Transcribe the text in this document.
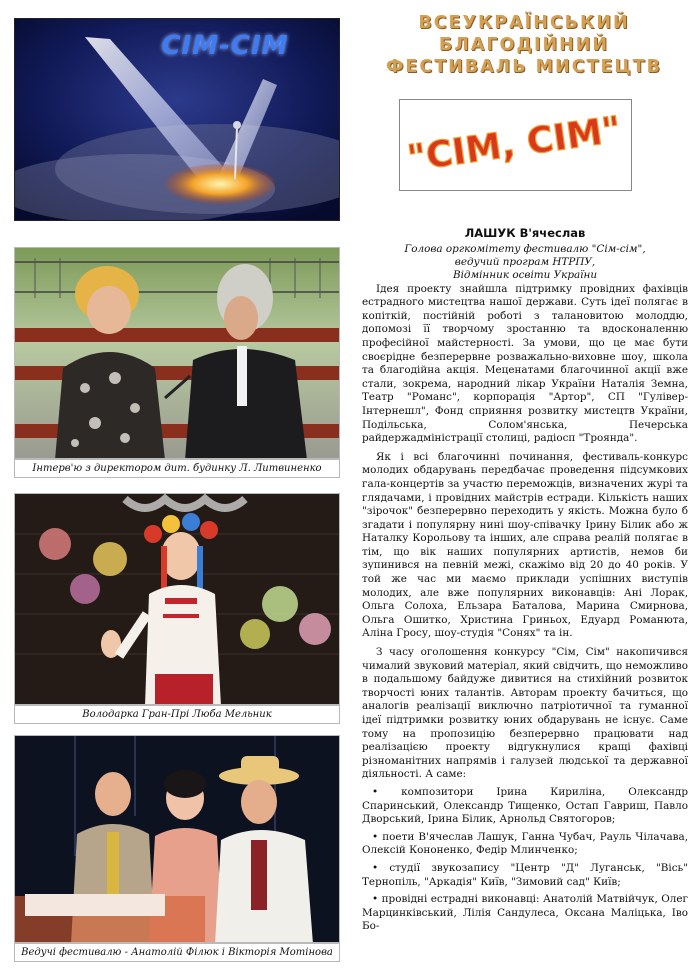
СІМ-СІМ
Інтерв'ю з директором дит. будинку Л. Литвиненко
Володарка Гран-Прі Люба Мельник
Ведучі фестивалю - Анатолій Філюк і Вікторія Мотінова
ВСЕУКРАЇНСЬКИЙ
БЛАГОДІЙНИЙ
ФЕСТИВАЛЬ МИСТЕЦТВ
"СІМ, СІМ"
ЛАШУК В'ячеслав

Голова оргкомітету фестивалю "Сім-сім",

ведучий програм НТРПУ,

Відмінник освіти України

Ідея проекту знайшла підтримку провідних фахівців естрадного мистецтва нашої держави. Суть ідеї полягає в копіткій, постійній роботі з талановитою молоддю, допомозі її творчому зростанню та вдосконаленню професійної майстерності. За умови, що це має бути своєрідне безперервне розважально-виховне шоу, школа та благодійна акція. Меценатами благочинної акції вже стали, зокрема, народний лікар України Наталія Земна, Театр "Романс", корпорація "Артор", СП "Гулівер-Інтернешл", Фонд сприяння розвитку мистецтв України, Подільська, Солом'янська, Печерська райдержадміністрації столиці, радіосп "Троянда".

Як і всі благочинні починання, фестиваль-конкурс молодих обдарувань передбачає проведення підсумкових гала-концертів за участю переможців, визначених журі та глядачами, і провідних майстрів естради. Кількість наших "зірочок" безперервно переходить у якість. Можна було б згадати і популярну нині шоу-співачку Ірину Білик або ж Наталку Корольову та інших, але справа реалій полягає в тім, що вік наших популярних артистів, немов би зупинився на певній межі, скажімо від 20 до 40 років. У той же час ми маємо приклади успішних виступів молодих, але вже популярних виконавців: Ані Лорак, Ольга Солоха, Ельзара Баталова, Марина Смирнова, Ольга Ошитко, Христина Гриньох, Едуард Романюта, Аліна Гросу, шоу-студія "Сонях" та ін.

З часу оголошення конкурсу "Сім, Сім" накопичився чималий звуковий матеріал, який свідчить, що неможливо в подальшому байдуже дивитися на стихійний розвиток творчості юних талантів. Авторам проекту бачиться, що аналогів реалізації виключно патріотичної та гуманної ідеї підтримки розвитку юних обдарувань не існує. Саме тому на пропозицію безперервно працювати над реалізацією проекту відгукнулися кращі фахівці різноманітних напрямів і галузей людської та державної діяльності. А саме:

• композитори Ірина Кириліна, Олександр Спаринський, Олександр Тищенко, Остап Гавриш, Павло Дворський, Ірина Білик, Арнольд Святогоров;

• поети В'ячеслав Лашук, Ганна Чубач, Рауль Чілачава, Олексій Кононенко, Федір Млинченко;

• студії звукозапису "Центр "Д" Луганськ, "Вісь" Тернопіль, "Аркадія" Київ, "Зимовий сад" Київ;

• провідні естрадні виконавці: Анатолій Матвійчук, Олег Марцинківський, Лілія Сандулеса, Оксана Маліцька, Іво Бо-
